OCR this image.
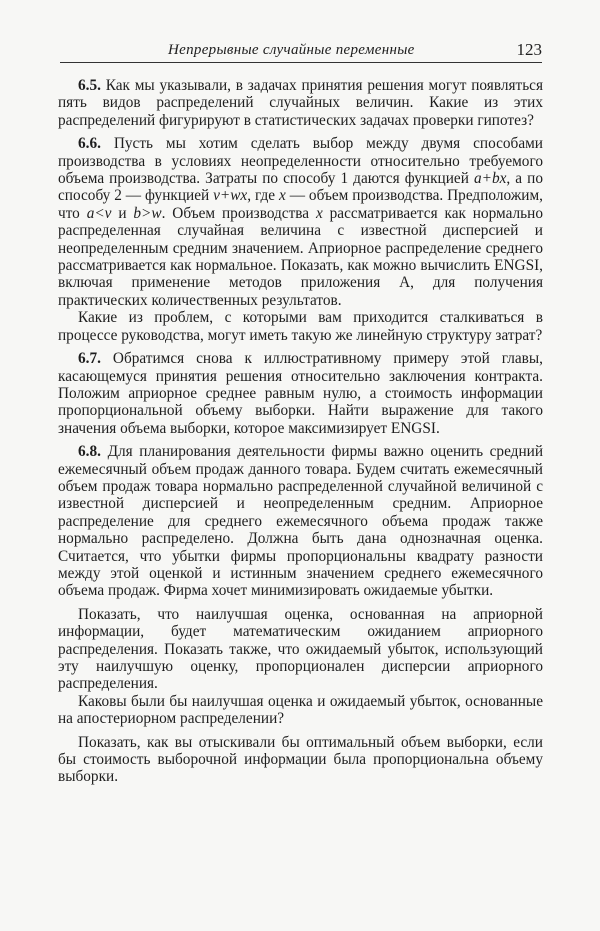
Непрерывные случайные переменные	123

6.5. Как мы указывали, в задачах принятия решения могут появляться пять видов распределений случайных величин. Какие из этих распределений фигурируют в статистических задачах проверки гипотез?

6.6. Пусть мы хотим сделать выбор между двумя способами производства в условиях неопределенности относительно требуемого объема производства. Затраты по способу 1 даются функцией a+bx, а по способу 2 — функцией v+wx, где x — объем производства. Предположим, что a<v и b>w. Объем производства x рассматривается как нормально распределенная случайная величина с известной дисперсией и неопределенным средним значением. Априорное распределение среднего рассматривается как нормальное. Показать, как можно вычислить ENGSI, включая применение методов приложения A, для получения практических количественных результатов.

Какие из проблем, с которыми вам приходится сталкиваться в процессе руководства, могут иметь такую же линейную структуру затрат?

6.7. Обратимся снова к иллюстративному примеру этой главы, касающемуся принятия решения относительно заключения контракта. Положим априорное среднее равным нулю, а стоимость информации пропорциональной объему выборки. Найти выражение для такого значения объема выборки, которое максимизирует ENGSI.

6.8. Для планирования деятельности фирмы важно оценить средний ежемесячный объем продаж данного товара. Будем считать ежемесячный объем продаж товара нормально распределенной случайной величиной с известной дисперсией и неопределенным средним. Априорное распределение для среднего ежемесячного объема продаж также нормально распределено. Должна быть дана однозначная оценка. Считается, что убытки фирмы пропорциональны квадрату разности между этой оценкой и истинным значением среднего ежемесячного объема продаж. Фирма хочет минимизировать ожидаемые убытки.

Показать, что наилучшая оценка, основанная на априорной информации, будет математическим ожиданием априорного распределения. Показать также, что ожидаемый убыток, использующий эту наилучшую оценку, пропорционален дисперсии априорного распределения.

Каковы были бы наилучшая оценка и ожидаемый убыток, основанные на апостериорном распределении?

Показать, как вы отыскивали бы оптимальный объем выборки, если бы стоимость выборочной информации была пропорциональна объему выборки.
